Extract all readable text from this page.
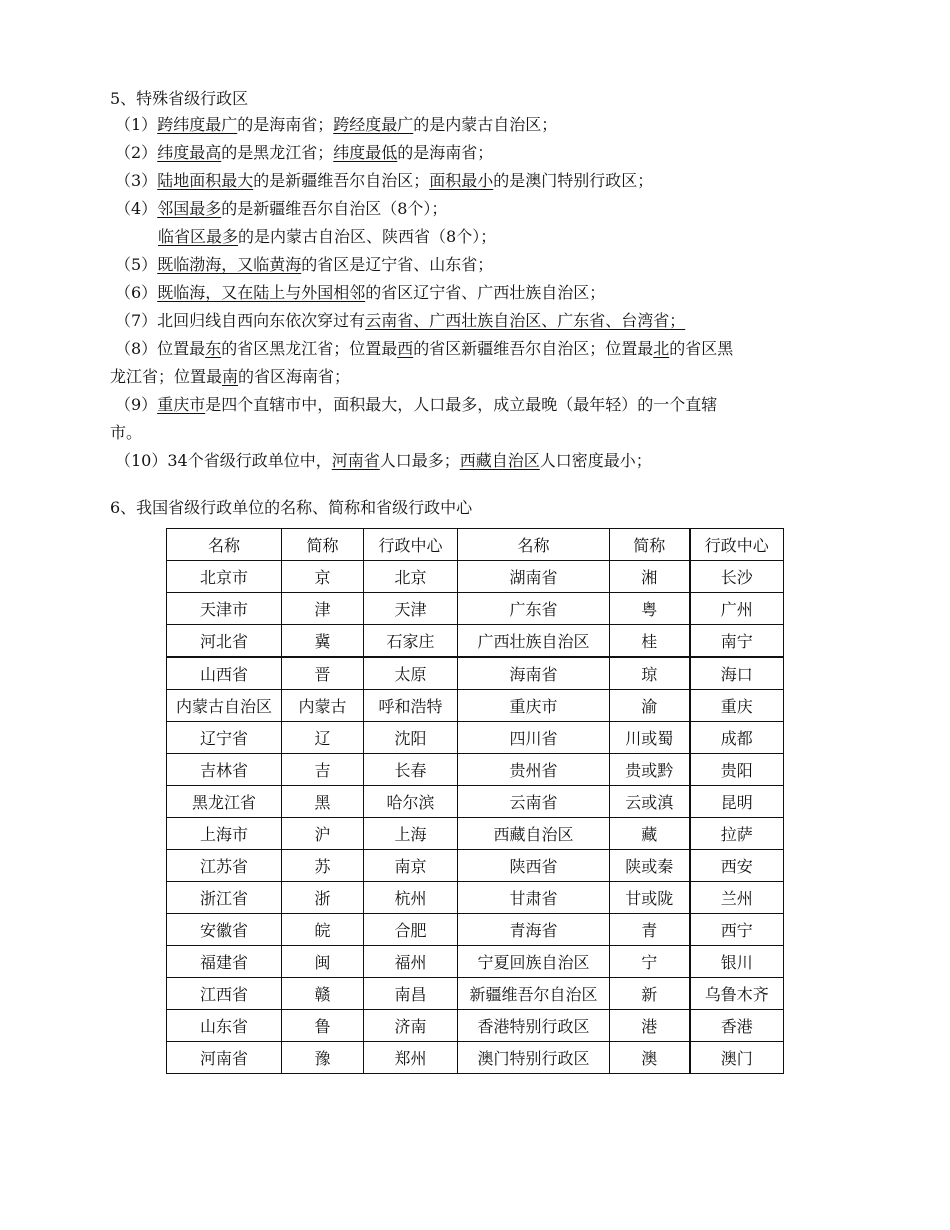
5、特殊省级行政区
（1）跨纬度最广的是海南省；跨经度最广的是内蒙古自治区；
（2）纬度最高的是黑龙江省；纬度最低的是海南省；
（3）陆地面积最大的是新疆维吾尔自治区；面积最小的是澳门特别行政区；
（4）邻国最多的是新疆维吾尔自治区（8个）；
临省区最多的是内蒙古自治区、陕西省（8个）；
（5）既临渤海，又临黄海的省区是辽宁省、山东省；
（6）既临海，又在陆上与外国相邻的省区辽宁省、广西壮族自治区；
（7）北回归线自西向东依次穿过有云南省、广西壮族自治区、广东省、台湾省；
（8）位置最东的省区黑龙江省；位置最西的省区新疆维吾尔自治区；位置最北的省区黑
龙江省；位置最南的省区海南省；
（9）重庆市是四个直辖市中，面积最大，人口最多，成立最晚（最年轻）的一个直辖
市。
（10）34个省级行政单位中，河南省人口最多；西藏自治区人口密度最小；
6、我国省级行政单位的名称、简称和省级行政中心
名称	简称	行政中心	名称	简称	行政中心
北京市	京	北京	湖南省	湘	长沙
天津市	津	天津	广东省	粤	广州
河北省	冀	石家庄	广西壮族自治区	桂	南宁
山西省	晋	太原	海南省	琼	海口
内蒙古自治区	内蒙古	呼和浩特	重庆市	渝	重庆
辽宁省	辽	沈阳	四川省	川或蜀	成都
吉林省	吉	长春	贵州省	贵或黔	贵阳
黑龙江省	黑	哈尔滨	云南省	云或滇	昆明
上海市	沪	上海	西藏自治区	藏	拉萨
江苏省	苏	南京	陕西省	陕或秦	西安
浙江省	浙	杭州	甘肃省	甘或陇	兰州
安徽省	皖	合肥	青海省	青	西宁
福建省	闽	福州	宁夏回族自治区	宁	银川
江西省	赣	南昌	新疆维吾尔自治区	新	乌鲁木齐
山东省	鲁	济南	香港特别行政区	港	香港
河南省	豫	郑州	澳门特别行政区	澳	澳门
